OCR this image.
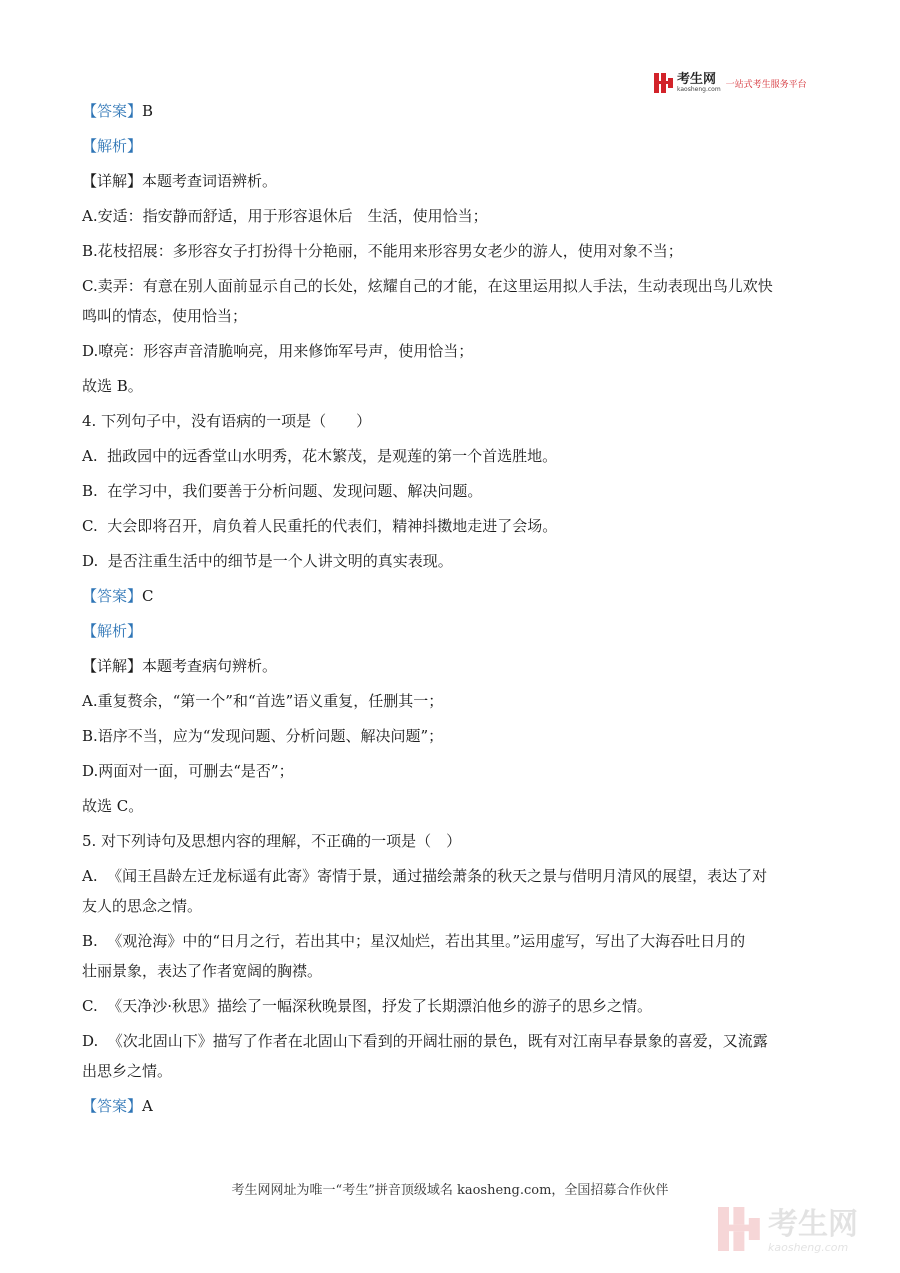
考生网
kaosheng.com 一站式考生服务平台

【答案】B

【解析】

【详解】本题考查词语辨析。

A.安适：指安静而舒适，用于形容退休后　生活，使用恰当；

B.花枝招展：多形容女子打扮得十分艳丽，不能用来形容男女老少的游人，使用对象不当；

C.卖弄：有意在别人面前显示自己的长处，炫耀自己的才能，在这里运用拟人手法，生动表现出鸟儿欢快

鸣叫的情态，使用恰当；

D.嘹亮：形容声音清脆响亮，用来修饰军号声，使用恰当；

故选 B。

4. 下列句子中，没有语病的一项是（　　）

A.  拙政园中的远香堂山水明秀，花木繁茂，是观莲的第一个首选胜地。

B.  在学习中，我们要善于分析问题、发现问题、解决问题。

C.  大会即将召开，肩负着人民重托的代表们，精神抖擞地走进了会场。

D.  是否注重生活中的细节是一个人讲文明的真实表现。

【答案】C

【解析】

【详解】本题考查病句辨析。

A.重复赘余，“第一个”和“首选”语义重复，任删其一；

B.语序不当，应为“发现问题、分析问题、解决问题”；

D.两面对一面，可删去“是否”；

故选 C。

5. 对下列诗句及思想内容的理解，不正确的一项是（　）

A.  《闻王昌龄左迁龙标遥有此寄》寄情于景，通过描绘萧条的秋天之景与借明月清风的展望，表达了对

友人的思念之情。

B.  《观沧海》中的“日月之行，若出其中；星汉灿烂，若出其里。”运用虚写，写出了大海吞吐日月的

壮丽景象，表达了作者宽阔的胸襟。

C.  《天净沙·秋思》描绘了一幅深秋晚景图，抒发了长期漂泊他乡的游子的思乡之情。

D.  《次北固山下》描写了作者在北固山下看到的开阔壮丽的景色，既有对江南早春景象的喜爱，又流露

出思乡之情。

【答案】A

考生网网址为唯一“考生”拼音顶级域名 kaosheng.com，全国招募合作伙伴
考生网
kaosheng.com
